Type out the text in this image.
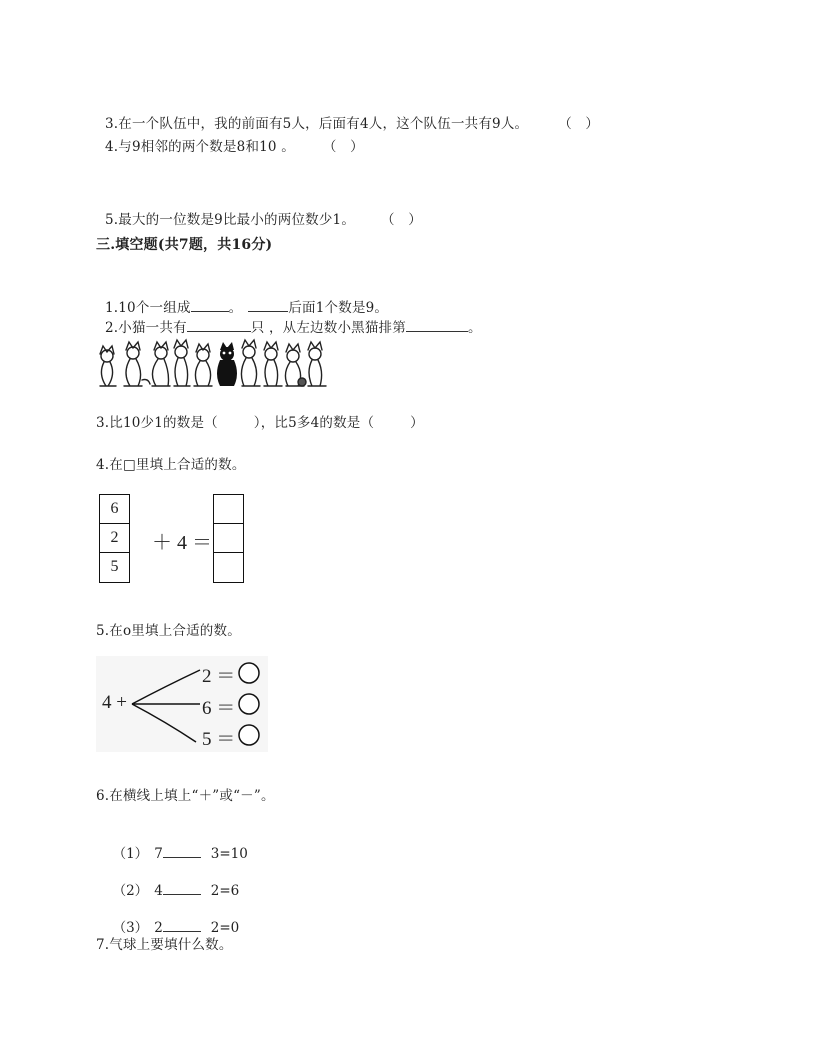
3.在一个队伍中，我的前面有5人，后面有4人，这个队伍一共有9人。 （   ）

4.与9相邻的两个数是8和10 。 （   ）

5.最大的一位数是9比最小的两位数少1。 （   ）

三.填空题(共7题，共16分)

1.10个一组成	。	后面1个数是9。

2.小猫一共有	只 ，从左边数小黑猫排第	。

3.比10少1的数是（        ），比5多4的数是（        ）
4.在□里填上合适的数。
6
2
5
＋ 4 ＝
5.在o里填上合适的数。
4 +
2 ＝
6 ＝
5 ＝
6.在横线上填上“＋”或“－”。

（1） 7	3=10

（2） 4	2=6

（3） 2	2=0

7.气球上要填什么数。
